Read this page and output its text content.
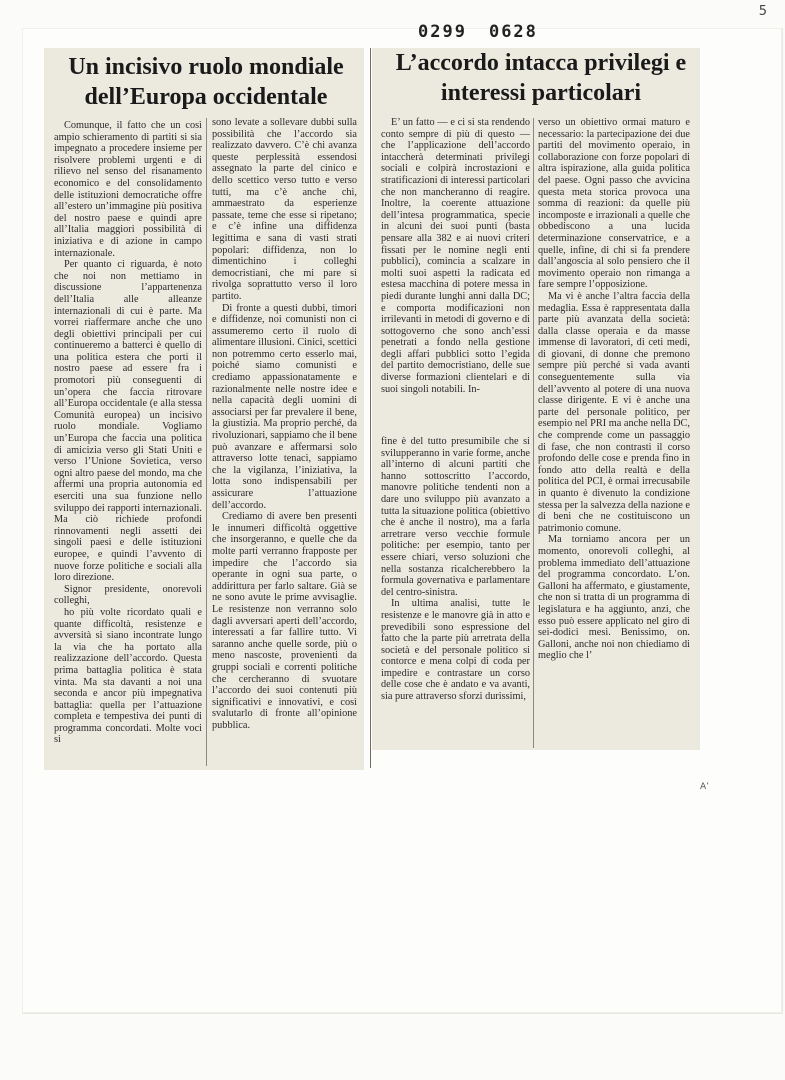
5
0299 0628
Un incisivo ruolo mondiale dell’Europa occidentale
L’accordo intacca privilegi e interessi particolari

Comunque, il fatto che un così ampio schieramento di partiti si sia impegnato a procedere insieme per risolvere problemi urgenti e di rilievo nel senso del risanamento economico e del consolidamento delle istituzioni democratiche offre all’estero un’immagine più positiva del nostro paese e quindi apre all’Italia maggiori possibilità di iniziativa e di azione in campo internazionale.

Per quanto ci riguarda, è noto che noi non mettiamo in discussione l’appartenenza dell’Italia alle alleanze internazionali di cui è parte. Ma vorrei riaffermare anche che uno degli obiettivi principali per cui continueremo a batterci è quello di una politica estera che porti il nostro paese ad essere fra i promotori più conseguenti di un’opera che faccia ritrovare all’Europa occidentale (e alla stessa Comunità europea) un incisivo ruolo mondiale. Vogliamo un’Europa che faccia una politica di amicizia verso gli Stati Uniti e verso l’Unione Sovietica, verso ogni altro paese del mondo, ma che affermi una propria autonomia ed eserciti una sua funzione nello sviluppo dei rapporti internazionali. Ma ciò richiede profondi rinnovamenti negli assetti dei singoli paesi e delle istituzioni europee, e quindi l’avvento di nuove forze politiche e sociali alla loro direzione.

Signor presidente, onorevoli colleghi,

ho più volte ricordato quali e quante difficoltà, resistenze e avversità si siano incontrate lungo la via che ha portato alla realizzazione dell’accordo. Questa prima battaglia politica è stata vinta. Ma sta davanti a noi una seconda e ancor più impegnativa battaglia: quella per l’attuazione completa e tempestiva dei punti di programma concordati. Molte voci si

sono levate a sollevare dubbi sulla possibilità che l’accordo sia realizzato davvero. C’è chi avanza queste perplessità essendosi assegnato la parte del cinico e dello scettico verso tutto e verso tutti, ma c’è anche chi, ammaestrato da esperienze passate, teme che esse si ripetano; e c’è infine una diffidenza legittima e sana di vasti strati popolari: diffidenza, non lo dimentichino i colleghi democristiani, che mi pare si rivolga soprattutto verso il loro partito.

Di fronte a questi dubbi, timori e diffidenze, noi comunisti non ci assumeremo certo il ruolo di alimentare illusioni. Cinici, scettici non potremmo certo esserlo mai, poiché siamo comunisti e crediamo appassionatamente e razionalmente nelle nostre idee e nella capacità degli uomini di associarsi per far prevalere il bene, la giustizia. Ma proprio perché, da rivoluzionari, sappiamo che il bene può avanzare e affermarsi solo attraverso lotte tenaci, sappiamo che la vigilanza, l’iniziativa, la lotta sono indispensabili per assicurare l’attuazione dell’accordo.

Crediamo di avere ben presenti le innumeri difficoltà oggettive che insorgeranno, e quelle che da molte parti verranno frapposte per impedire che l’accordo sia operante in ogni sua parte, o addirittura per farlo saltare. Già se ne sono avute le prime avvisaglie. Le resistenze non verranno solo dagli avversari aperti dell’accordo, interessati a far fallire tutto. Vi saranno anche quelle sorde, più o meno nascoste, provenienti da gruppi sociali e correnti politiche che cercheranno di svuotare l’accordo dei suoi contenuti più significativi e innovativi, e così svalutarlo di fronte all’opinione pubblica.

E’ un fatto — e ci si sta rendendo conto sempre di più di questo — che l’applicazione dell’accordo intaccherà determinati privilegi sociali e colpirà incrostazioni e stratificazioni di interessi particolari che non mancheranno di reagire. Inoltre, la coerente attuazione dell’intesa programmatica, specie in alcuni dei suoi punti (basta pensare alla 382 e ai nuovi criteri fissati per le nomine negli enti pubblici), comincia a scalzare in molti suoi aspetti la radicata ed estesa macchina di potere messa in piedi durante lunghi anni dalla DC; e comporta modificazioni non irrilevanti in metodi di governo e di sottogoverno che sono anch’essi penetrati a fondo nella gestione degli affari pubblici sotto l’egida del partito democristiano, delle sue diverse formazioni clientelari e di suoi singoli notabili. In-

fine è del tutto presumibile che si svilupperanno in varie forme, anche all’interno di alcuni partiti che hanno sottoscritto l’accordo, manovre politiche tendenti non a dare uno sviluppo più avanzato a tutta la situazione politica (obiettivo che è anche il nostro), ma a farla arretrare verso vecchie formule politiche: per esempio, tanto per essere chiari, verso soluzioni che nella sostanza ricalcherebbero la formula governativa e parlamentare del centro-sinistra.

In ultima analisi, tutte le resistenze e le manovre già in atto e prevedibili sono espressione del fatto che la parte più arretrata della società e del personale politico si contorce e mena colpi di coda per impedire e contrastare un corso delle cose che è andato e va avanti, sia pure attraverso sforzi durissimi,

verso un obiettivo ormai maturo e necessario: la partecipazione dei due partiti del movimento operaio, in collaborazione con forze popolari di altra ispirazione, alla guida politica del paese. Ogni passo che avvicina questa meta storica provoca una somma di reazioni: da quelle più incomposte e irrazionali a quelle che obbediscono a una lucida determinazione conservatrice, e a quelle, infine, di chi si fa prendere dall’angoscia al solo pensiero che il movimento operaio non rimanga a fare sempre l’opposizione.

Ma vi è anche l’altra faccia della medaglia. Essa è rappresentata dalla parte più avanzata della società: dalla classe operaia e da masse immense di lavoratori, di ceti medi, di giovani, di donne che premono sempre più perché si vada avanti conseguentemente sulla via dell’avvento al potere di una nuova classe dirigente. E vi è anche una parte del personale politico, per esempio nel PRI ma anche nella DC, che comprende come un passaggio di fase, che non contrasti il corso profondo delle cose e prenda fino in fondo atto della realtà e della politica del PCI, è ormai irrecusabile in quanto è divenuto la condizione stessa per la salvezza della nazione e di beni che ne costituiscono un patrimonio comune.

Ma torniamo ancora per un momento, onorevoli colleghi, al problema immediato dell’attuazione del programma concordato. L’on. Galloni ha affermato, e giustamente, che non si tratta di un programma di legislatura e ha aggiunto, anzi, che esso può essere applicato nel giro di sei-dodici mesi. Benissimo, on. Galloni, anche noi non chiediamo di meglio che l’

A’
